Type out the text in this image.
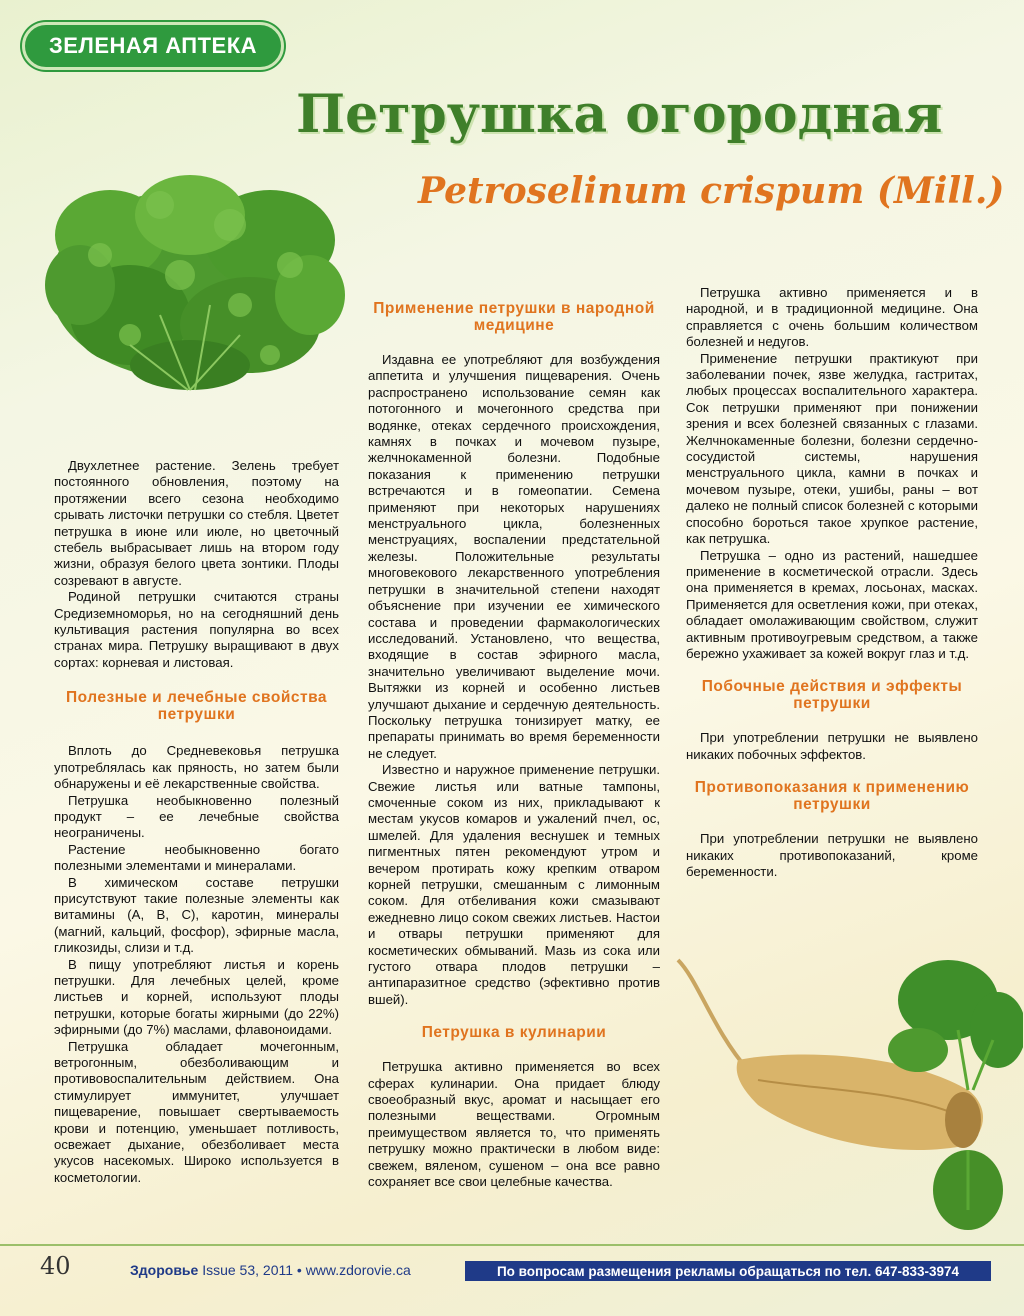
ЗЕЛЕНАЯ АПТЕКА
Петрушка огородная
Petroselinum crispum (Mill.)

Двухлетнее растение. Зелень требует постоянного обновления, поэтому на протяжении всего сезона необходимо срывать листочки петрушки со стебля. Цветет петрушка в июне или июле, но цветочный стебель выбрасывает лишь на втором году жизни, образуя белого цвета зонтики. Плоды созревают в августе.

Родиной петрушки считаются страны Средиземноморья, но на сегодняшний день культивация растения популярна во всех странах мира. Петрушку выращивают в двух сортах: корневая и листовая.

Полезные и лечебные свойства петрушки

Вплоть до Средневековья петрушка употреблялась как пряность, но затем были обнаружены и её лекарственные свойства.

Петрушка необыкновенно полезный продукт – ее лечебные свойства неограничены.

Растение необыкновенно богато полезными элементами и минералами.

В химическом составе петрушки присутствуют такие полезные элементы как витамины (А, В, С), каротин, минералы (магний, кальций, фосфор), эфирные масла, гликозиды, слизи и т.д.

В пищу употребляют листья и корень петрушки. Для лечебных целей, кроме листьев и корней, используют плоды петрушки, которые богаты жирными (до 22%) эфирными (до 7%) маслами, флавоноидами.

Петрушка обладает мочегонным, ветрогонным, обезболивающим и противовоспалительным действием. Она стимулирует иммунитет, улучшает пищеварение, повышает свертываемость крови и потенцию, уменьшает потливость, освежает дыхание, обезболивает места укусов насекомых. Широко используется в косметологии.

Применение петрушки в народной медицине

Издавна ее употребляют для возбуждения аппетита и улучшения пищеварения. Очень распространено использование семян как потогонного и мочегонного средства при водянке, отеках сердечного происхождения, камнях в почках и мочевом пузыре, желчнокаменной болезни. Подобные показания к применению петрушки встречаются и в гомеопатии. Семена применяют при некоторых нарушениях менструального цикла, болезненных менструациях, воспалении предстательной железы. Положительные результаты многовекового лекарственного употребления петрушки в значительной степени находят объяснение при изучении ее химического состава и проведении фармакологических исследований. Установлено, что вещества, входящие в состав эфирного масла, значительно увеличивают выделение мочи. Вытяжки из корней и особенно листьев улучшают дыхание и сердечную деятельность. Поскольку петрушка тонизирует матку, ее препараты принимать во время беременности не следует.

Известно и наружное применение петрушки. Свежие листья или ватные тампоны, смоченные соком из них, прикладывают к местам укусов комаров и ужалений пчел, ос, шмелей. Для удаления веснушек и темных пигментных пятен рекомендуют утром и вечером протирать кожу крепким отваром корней петрушки, смешанным с лимонным соком. Для отбеливания кожи смазывают ежедневно лицо соком свежих листьев. Настои и отвары петрушки применяют для косметических обмываний. Мазь из сока или густого отвара плодов петрушки – антипаразитное средство (эфективно против вшей).

Петрушка в кулинарии

Петрушка активно применяется во всех сферах кулинарии. Она придает блюду своеобразный вкус, аромат и насыщает его полезными веществами. Огромным преимуществом является то, что применять петрушку можно практически в любом виде: свежем, вяленом, сушеном – она все равно сохраняет все свои целебные качества.

Петрушка активно применяется и в народной, и в традиционной медицине. Она справляется с очень большим количеством болезней и недугов.

Применение петрушки практикуют при заболевании почек, язве желудка, гастритах, любых процессах воспалительного характера. Сок петрушки применяют при понижении зрения и всех болезней связанных с глазами. Желчнокаменные болезни, болезни сердечно-сосудистой системы, нарушения менструального цикла, камни в почках и мочевом пузыре, отеки, ушибы, раны – вот далеко не полный список болезней с которыми способно бороться такое хрупкое растение, как петрушка.

Петрушка – одно из растений, нашедшее применение в косметической отрасли. Здесь она применяется в кремах, лосьонах, масках. Применяется для осветления кожи, при отеках, обладает омолаживающим свойством, служит активным противоугревым средством, а также бережно ухаживает за кожей вокруг глаз и т.д.

Побочные действия и эффекты петрушки

При употреблении петрушки не выявлено никаких побочных эффектов.

Противопоказания к применению петрушки

При употреблении петрушки не выявлено никаких противопоказаний, кроме беременности.

40	Здоровье Issue 53, 2011 • www.zdorovie.ca	По вопросам размещения рекламы обращаться по тел. 647-833-3974
